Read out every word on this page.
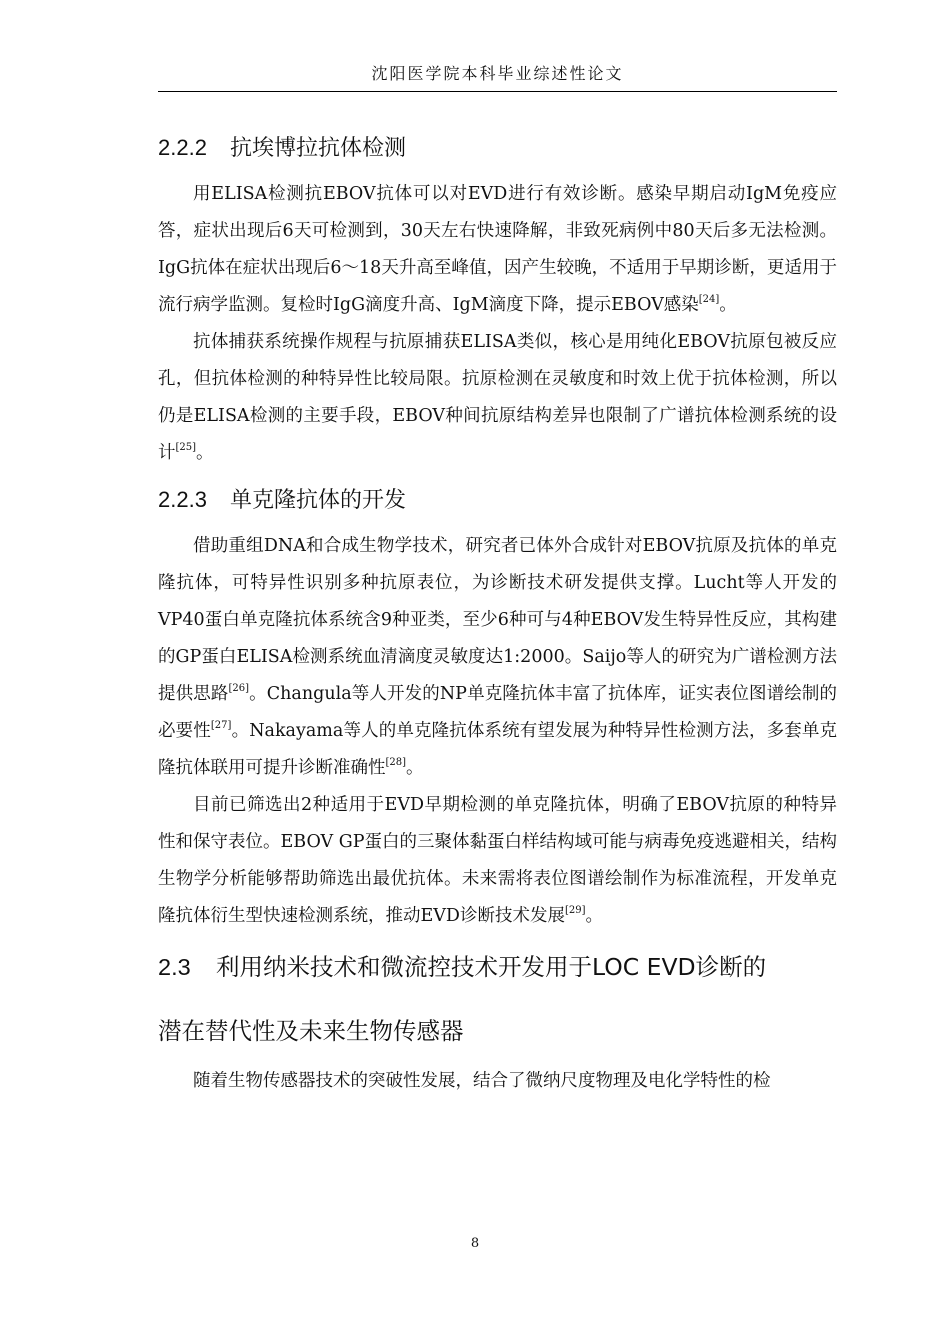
沈阳医学院本科毕业综述性论文
2.2.2 抗埃博拉抗体检测

用ELISA检测抗EBOV抗体可以对EVD进行有效诊断。感染早期启动IgM免疫应答，症状出现后6天可检测到，30天左右快速降解，非致死病例中80天后多无法检测。IgG抗体在症状出现后6～18天升高至峰值，因产生较晚，不适用于早期诊断，更适用于流行病学监测。复检时IgG滴度升高、IgM滴度下降，提示EBOV感染[24]。

抗体捕获系统操作规程与抗原捕获ELISA类似，核心是用纯化EBOV抗原包被反应孔，但抗体检测的种特异性比较局限。抗原检测在灵敏度和时效上优于抗体检测，所以仍是ELISA检测的主要手段，EBOV种间抗原结构差异也限制了广谱抗体检测系统的设计[25]。

2.2.3 单克隆抗体的开发

借助重组DNA和合成生物学技术，研究者已体外合成针对EBOV抗原及抗体的单克隆抗体，可特异性识别多种抗原表位，为诊断技术研发提供支撑。Lucht等人开发的VP40蛋白单克隆抗体系统含9种亚类，至少6种可与4种EBOV发生特异性反应，其构建的GP蛋白ELISA检测系统血清滴度灵敏度达1:2000。Saijo等人的研究为广谱检测方法提供思路[26]。Changula等人开发的NP单克隆抗体丰富了抗体库，证实表位图谱绘制的必要性[27]。Nakayama等人的单克隆抗体系统有望发展为种特异性检测方法，多套单克隆抗体联用可提升诊断准确性[28]。

目前已筛选出2种适用于EVD早期检测的单克隆抗体，明确了EBOV抗原的种特异性和保守表位。EBOV GP蛋白的三聚体黏蛋白样结构域可能与病毒免疫逃避相关，结构生物学分析能够帮助筛选出最优抗体。未来需将表位图谱绘制作为标准流程，开发单克隆抗体衍生型快速检测系统，推动EVD诊断技术发展[29]。

2.3 利用纳米技术和微流控技术开发用于LOC EVD诊断的
潜在替代性及未来生物传感器

随着生物传感器技术的突破性发展，结合了微纳尺度物理及电化学特性的检

8
